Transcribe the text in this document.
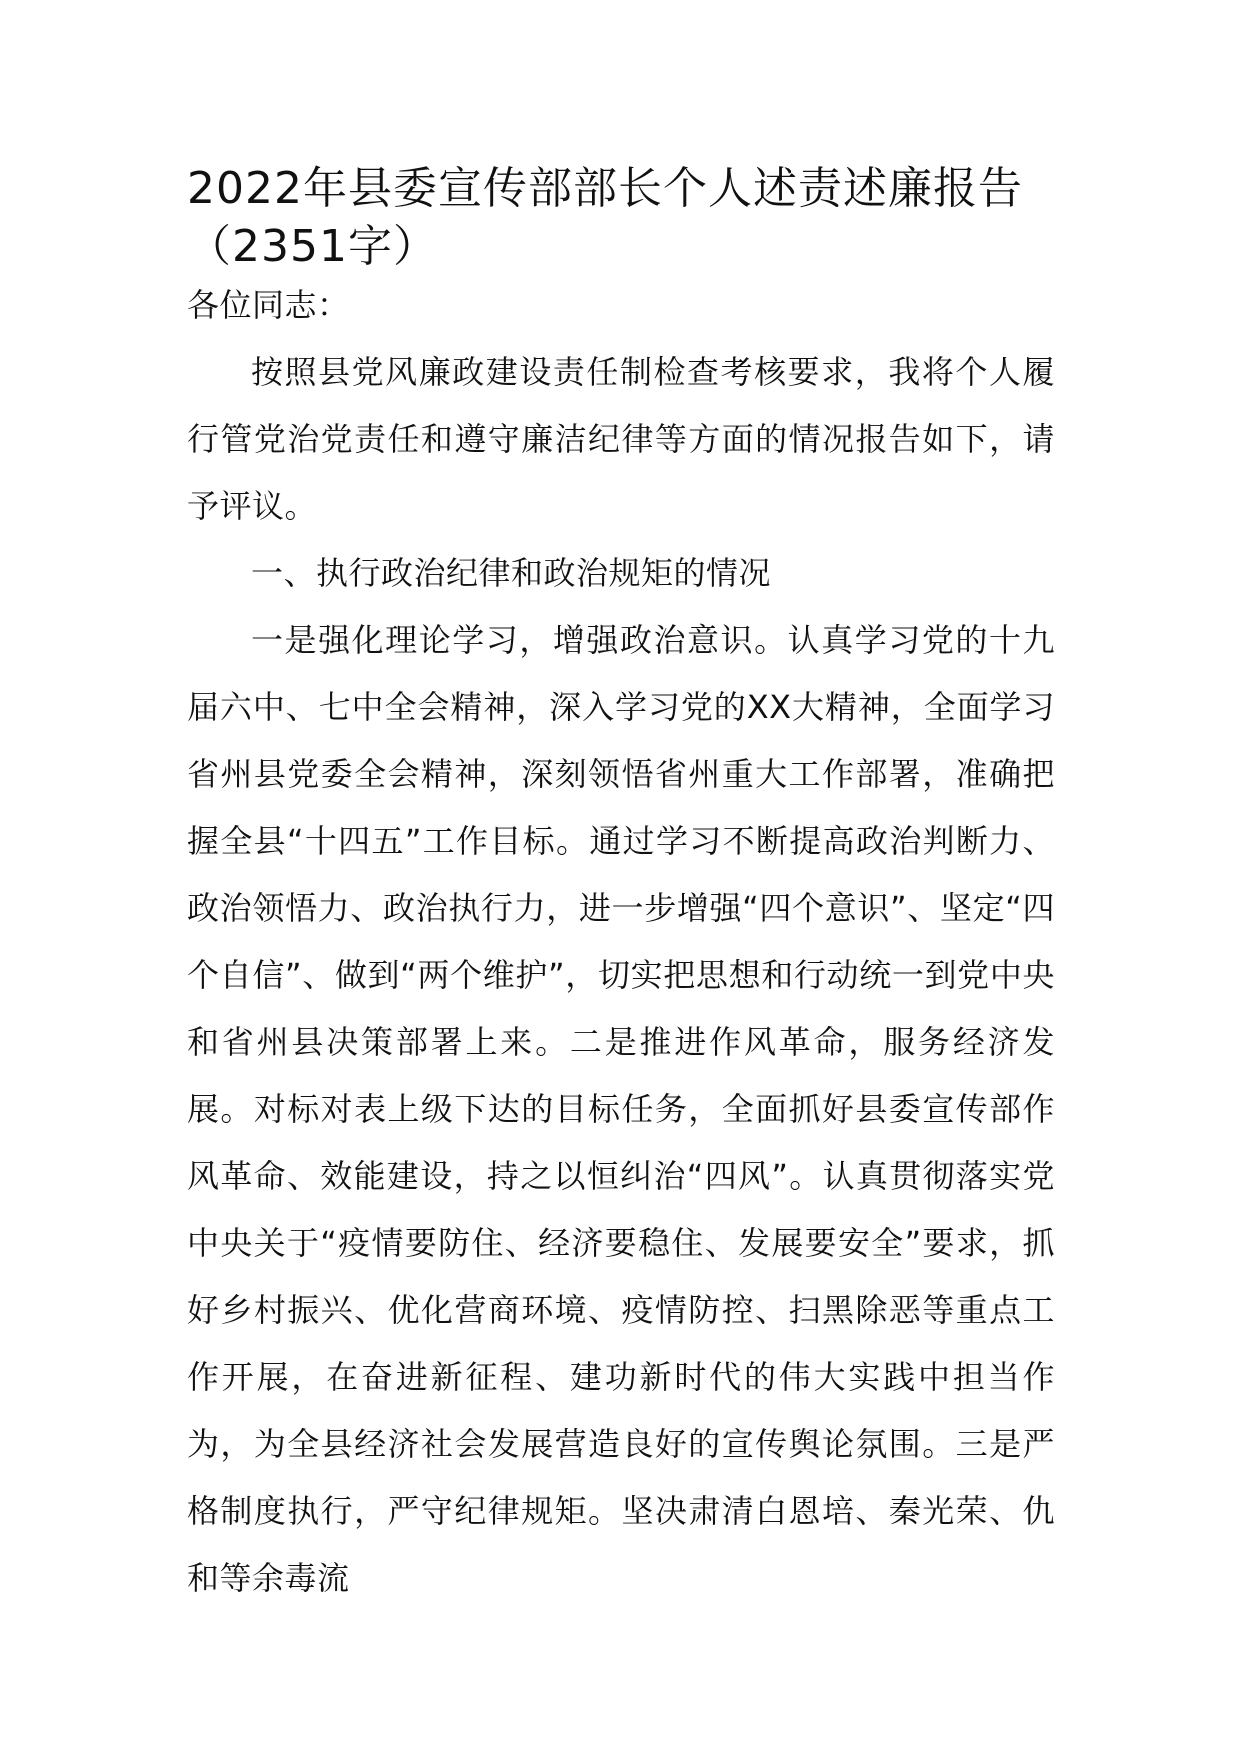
2022年县委宣传部部长个人述责述廉报告
（2351字）

各位同志：

按照县党风廉政建设责任制检查考核要求，我将个人履行管党治党责任和遵守廉洁纪律等方面的情况报告如下，请予评议。

一、执行政治纪律和政治规矩的情况

一是强化理论学习，增强政治意识。认真学习党的十九届六中、七中全会精神，深入学习党的XX大精神，全面学习省州县党委全会精神，深刻领悟省州重大工作部署，准确把握全县“十四五”工作目标。通过学习不断提高政治判断力、政治领悟力、政治执行力，进一步增强“四个意识”、坚定“四个自信”、做到“两个维护”，切实把思想和行动统一到党中央和省州县决策部署上来。二是推进作风革命，服务经济发展。对标对表上级下达的目标任务，全面抓好县委宣传部作风革命、效能建设，持之以恒纠治“四风”。认真贯彻落实党中央关于“疫情要防住、经济要稳住、发展要安全”要求，抓好乡村振兴、优化营商环境、疫情防控、扫黑除恶等重点工作开展，在奋进新征程、建功新时代的伟大实践中担当作为，为全县经济社会发展营造良好的宣传舆论氛围。三是严格制度执行，严守纪律规矩。坚决肃清白恩培、秦光荣、仇和等余毒流
